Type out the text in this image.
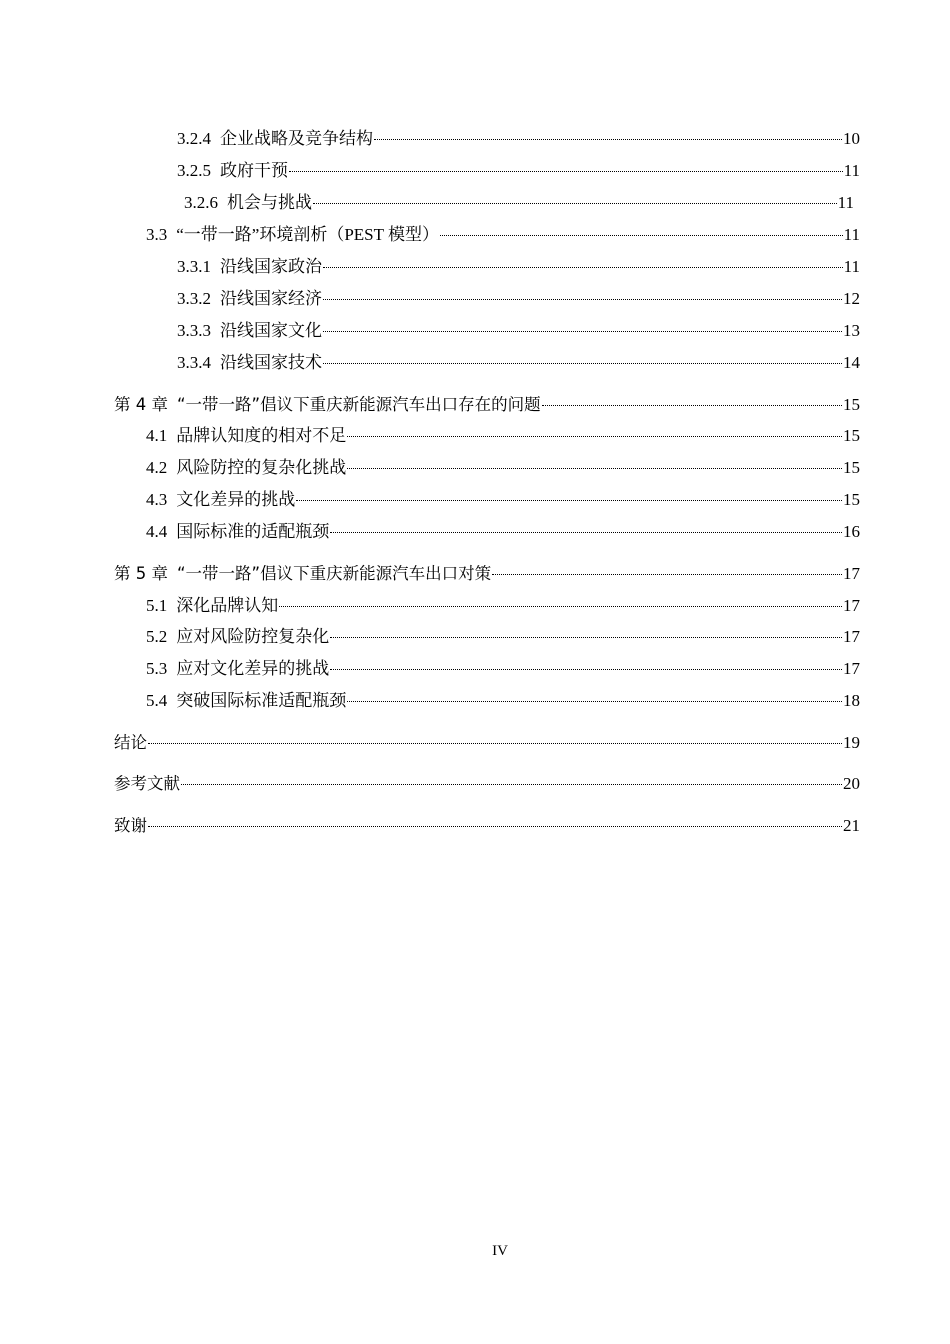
3.2.4 企业战略及竞争结构	10
3.2.5 政府干预	11
3.2.6 机会与挑战	11
3.3 “一带一路”环境剖析（PEST 模型）	11
3.3.1 沿线国家政治	11
3.3.2 沿线国家经济	12
3.3.3 沿线国家文化	13
3.3.4 沿线国家技术	14
第 4 章 “一带一路”倡议下重庆新能源汽车出口存在的问题	15
4.1 品牌认知度的相对不足	15
4.2 风险防控的复杂化挑战	15
4.3 文化差异的挑战	15
4.4 国际标准的适配瓶颈	16
第 5 章 “一带一路”倡议下重庆新能源汽车出口对策	17
5.1 深化品牌认知	17
5.2 应对风险防控复杂化	17
5.3 应对文化差异的挑战	17
5.4 突破国际标准适配瓶颈	18
结论	19
参考文献	20
致谢	21
IV
